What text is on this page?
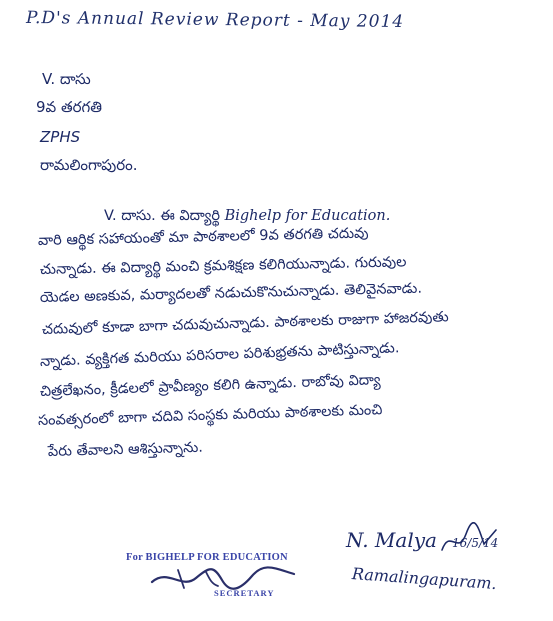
P.D's Annual Review Report - May 2014
V. దాసు
9వ తరగతి
ZPHS
రామలింగాపురం.
V. దాసు. ఈ విద్యార్థి Bighelp for Education.
వారి ఆర్థిక సహాయంతో మా పాఠశాలలో 9వ తరగతి చదువు
చున్నాడు. ఈ విద్యార్థి మంచి క్రమశిక్షణ కలిగియున్నాడు. గురువుల
యెడల అణకువ, మర్యాదలతో నడుచుకొనుచున్నాడు. తెలివైనవాడు.
చదువులో కూడా బాగా చదువుచున్నాడు. పాఠశాలకు రాజుగా హాజరవుతు
న్నాడు. వ్యక్తిగత మరియు పరిసరాల పరిశుభ్రతను పాటిస్తున్నాడు.
చిత్రలేఖనం, క్రీడలలో ప్రావీణ్యం కలిగి ఉన్నాడు. రాబోవు విద్యా
సంవత్సరంలో బాగా చదివి సంస్థకు మరియు పాఠశాలకు మంచి
పేరు తేవాలని ఆశిస్తున్నాను.
For BIGHELP FOR EDUCATION
SECRETARY
N. Malya 16/5/14
Ramalingapuram.
